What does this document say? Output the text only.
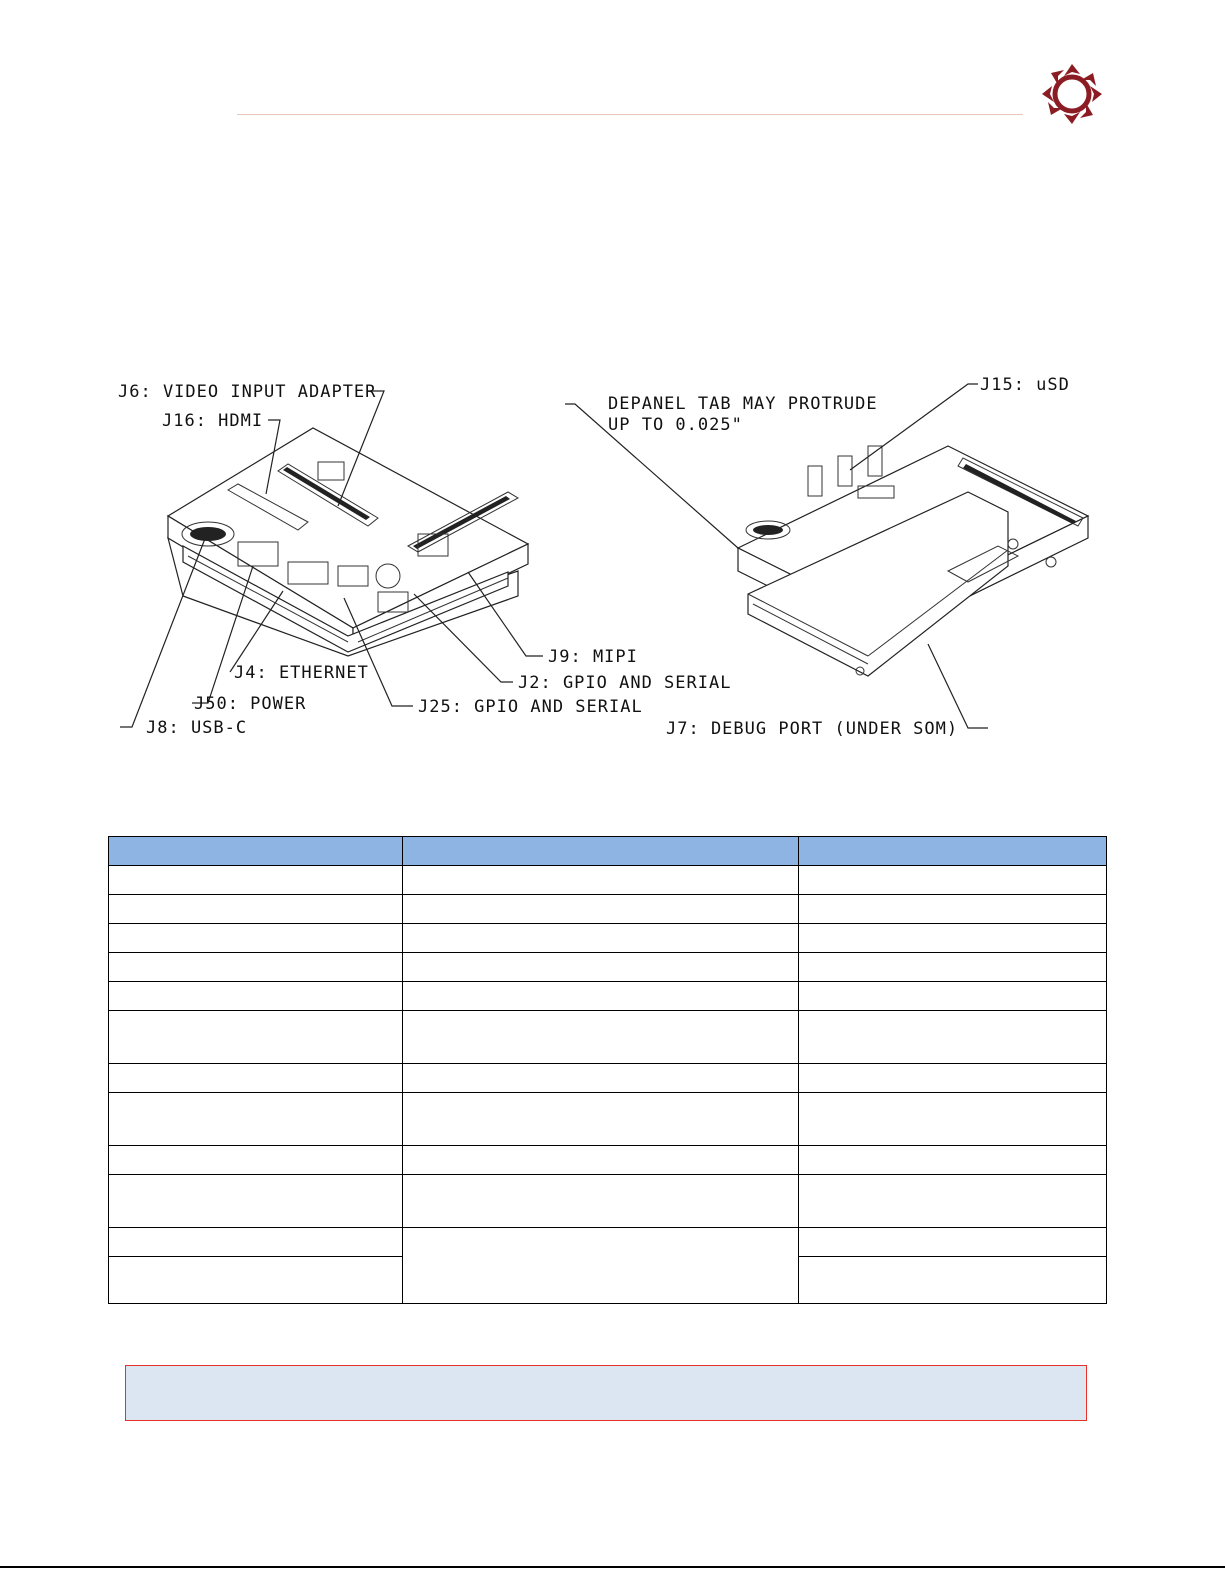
J6: VIDEO INPUT ADAPTER
J16: HDMI
J4: ETHERNET
J50: POWER
J8: USB-C
J25: GPIO AND SERIAL
J2: GPIO AND SERIAL
J9: MIPI
DEPANEL TAB MAY PROTRUDE
UP TO 0.025"
J15: uSD
J7: DEBUG PORT (UNDER SOM)
